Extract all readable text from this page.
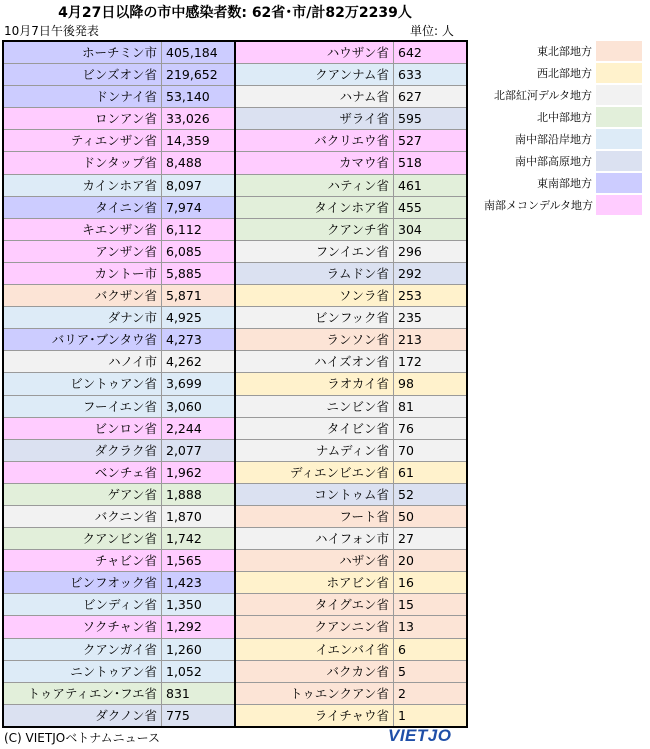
4月27日以降の市中感染者数: 62省･市/計82万2239人
10月7日午後発表	単位: 人
ホーチミン市 405,184
ビンズオン省 219,652
ドンナイ省 53,140
ロンアン省 33,026
ティエンザン省 14,359
ドンタップ省 8,488
カインホア省 8,097
タイニン省 7,974
キエンザン省 6,112
アンザン省 6,085
カントー市 5,885
バクザン省 5,871
ダナン市 4,925
バリア･ブンタウ省 4,273
ハノイ市 4,262
ビントゥアン省 3,699
フーイエン省 3,060
ビンロン省 2,244
ダクラク省 2,077
ベンチェ省 1,962
ゲアン省 1,888
バクニン省 1,870
クアンビン省 1,742
チャビン省 1,565
ビンフオック省 1,423
ビンディン省 1,350
ソクチャン省 1,292
クアンガイ省 1,260
ニントゥアン省 1,052
トゥアティエン･フエ省 831
ダクノン省 775
ハウザン省 642
クアンナム省 633
ハナム省 627
ザライ省 595
バクリエウ省 527
カマウ省 518
ハティン省 461
タインホア省 455
クアンチ省 304
フンイエン省 296
ラムドン省 292
ソンラ省 253
ビンフック省 235
ランソン省 213
ハイズオン省 172
ラオカイ省 98
ニンビン省 81
タイビン省 76
ナムディン省 70
ディエンビエン省 61
コントゥム省 52
フート省 50
ハイフォン市 27
ハザン省 20
ホアビン省 16
タイグエン省 15
クアンニン省 13
イエンバイ省 6
バクカン省 5
トゥエンクアン省 2
ライチャウ省 1
東北部地方
西北部地方
北部紅河デルタ地方
北中部地方
南中部沿岸地方
南中部高原地方
東南部地方
南部メコンデルタ地方
(C) VIETJOベトナムニュース	VIETJO
